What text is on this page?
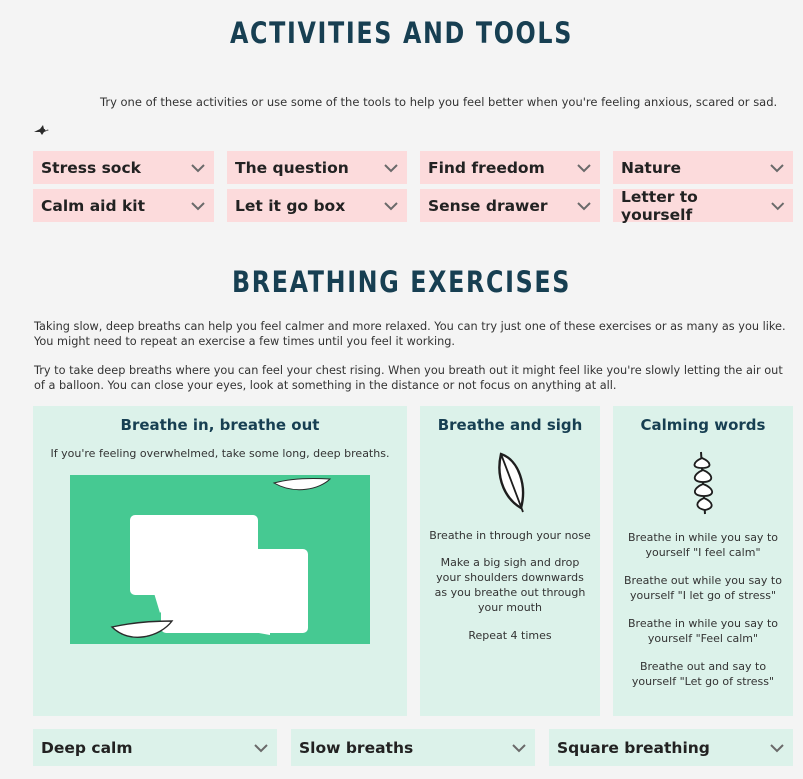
ACTIVITIES AND TOOLS
Try one of these activities or use some of the tools to help you feel better when you're feeling anxious, scared or sad.
Stress sock	The question	Find freedom	Nature
Calm aid kit	Let it go box	Sense drawer	Letter to yourself
BREATHING EXERCISES
Taking slow, deep breaths can help you feel calmer and more relaxed. You can try just one of these exercises or as many as you like. You might need to repeat an exercise a few times until you feel it working.
Try to take deep breaths where you can feel your chest rising. When you breath out it might feel like you're slowly letting the air out of a balloon. You can close your eyes, look at something in the distance or not focus on anything at all.
Breathe in, breathe out
If you're feeling overwhelmed, take some long, deep breaths.
Breathe and sigh
Breathe in through your nose
Make a big sigh and drop your shoulders downwards as you breathe out through your mouth
Repeat 4 times
Calming words
Breathe in while you say to yourself "I feel calm"
Breathe out while you say to yourself "I let go of stress"
Breathe in while you say to yourself "Feel calm"
Breathe out and say to yourself "Let go of stress"
Deep calm	Slow breaths	Square breathing
